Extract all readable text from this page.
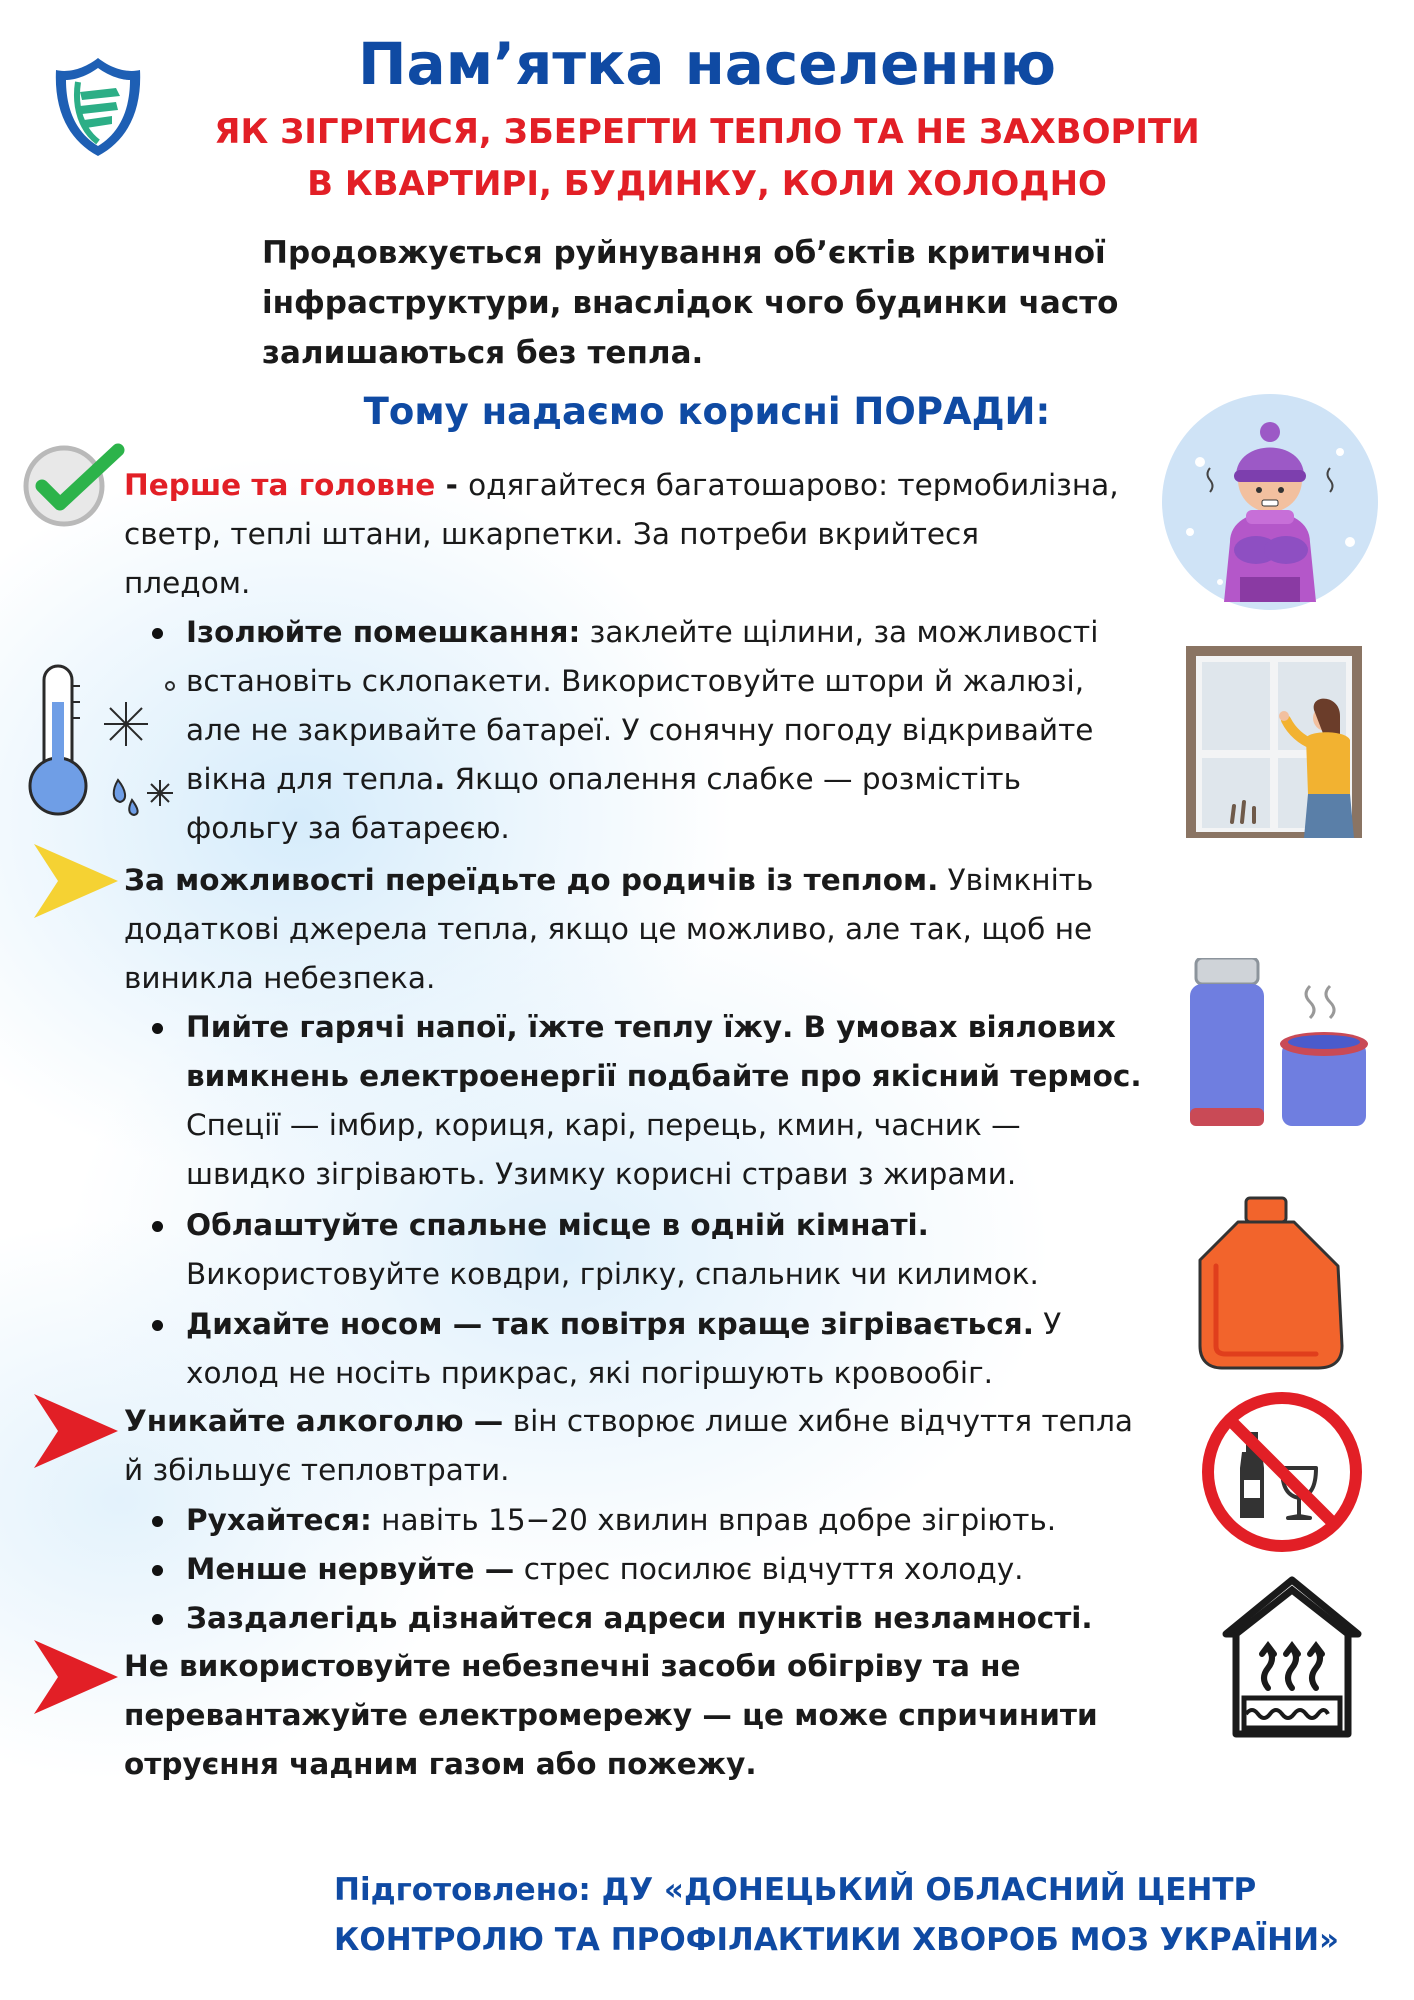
Пам’ятка населенню
ЯК ЗІГРІТИСЯ, ЗБЕРЕГТИ ТЕПЛО ТА НЕ ЗАХВОРІТИ
В КВАРТИРІ, БУДИНКУ, КОЛИ ХОЛОДНО
Продовжується руйнування об’єктів критичної
інфраструктури, внаслідок чого будинки часто
залишаються без тепла.
Тому надаємо корисні ПОРАДИ:
Перше та головне - одягайтеся багатошарово: термобилізна,
светр, теплі штани, шкарпетки. За потреби вкрийтеся
пледом.
Ізолюйте помешкання: заклейте щілини, за можливості
встановіть склопакети. Використовуйте штори й жалюзі,
але не закривайте батареї. У сонячну погоду відкривайте
вікна для тепла. Якщо опалення слабке — розмістіть
фольгу за батареєю.
За можливості переїдьте до родичів із теплом. Увімкніть
додаткові джерела тепла, якщо це можливо, але так, щоб не
виникла небезпека.
Пийте гарячі напої, їжте теплу їжу. В умовах віялових
вимкнень електроенергії подбайте про якісний термос.
Спеції — імбир, кориця, карі, перець, кмин, часник —
швидко зігрівають. Узимку корисні страви з жирами.
Облаштуйте спальне місце в одній кімнаті.
Використовуйте ковдри, грілку, спальник чи килимок.
Дихайте носом — так повітря краще зігрівається. У
холод не носіть прикрас, які погіршують кровообіг.
Уникайте алкоголю — він створює лише хибне відчуття тепла
й збільшує тепловтрати.
Рухайтеся: навіть 15−20 хвилин вправ добре зігріють.
Менше нервуйте — стрес посилює відчуття холоду.
Заздалегідь дізнайтеся адреси пунктів незламності.
Не використовуйте небезпечні засоби обігріву та не
перевантажуйте електромережу — це може спричинити
отруєння чадним газом або пожежу.
Підготовлено: ДУ «ДОНЕЦЬКИЙ ОБЛАСНИЙ ЦЕНТР
КОНТРОЛЮ ТА ПРОФІЛАКТИКИ ХВОРОБ МОЗ УКРАЇНИ»
